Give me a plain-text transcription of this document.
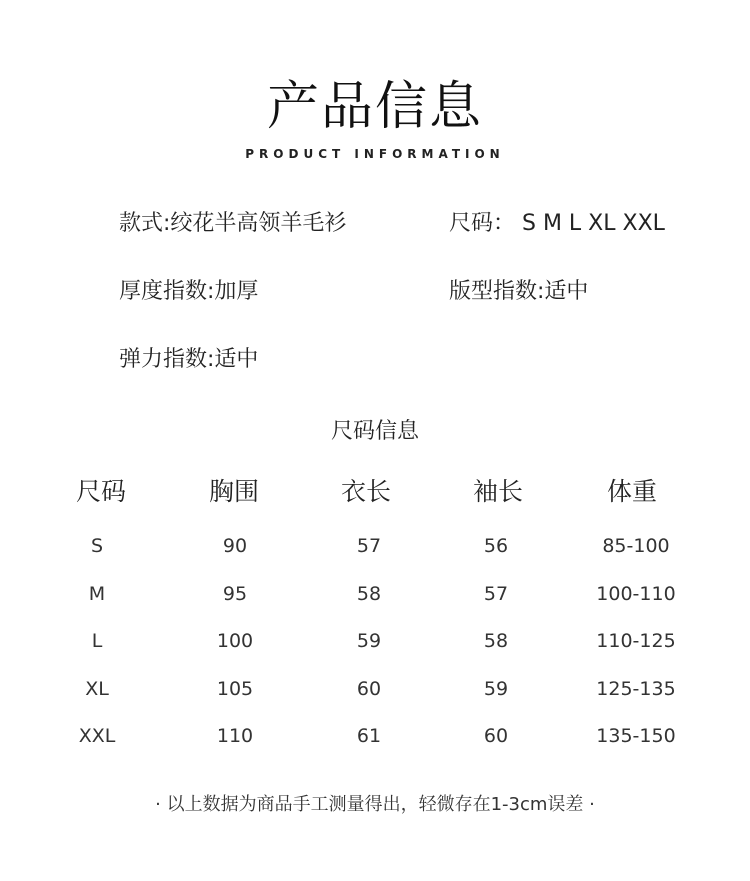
产品信息
PRODUCT INFORMATION
款式:绞花半高领羊毛衫	尺码： S M L XL XXL
厚度指数:加厚	版型指数:适中
弹力指数:适中
尺码信息
尺码	胸围	衣长	袖长	体重
S	90	57	56	85-100
M	95	58	57	100-110
L	100	59	58	110-125
XL	105	60	59	125-135
XXL	110	61	60	135-150
· 以上数据为商品手工测量得出，轻微存在1-3cm误差 ·
